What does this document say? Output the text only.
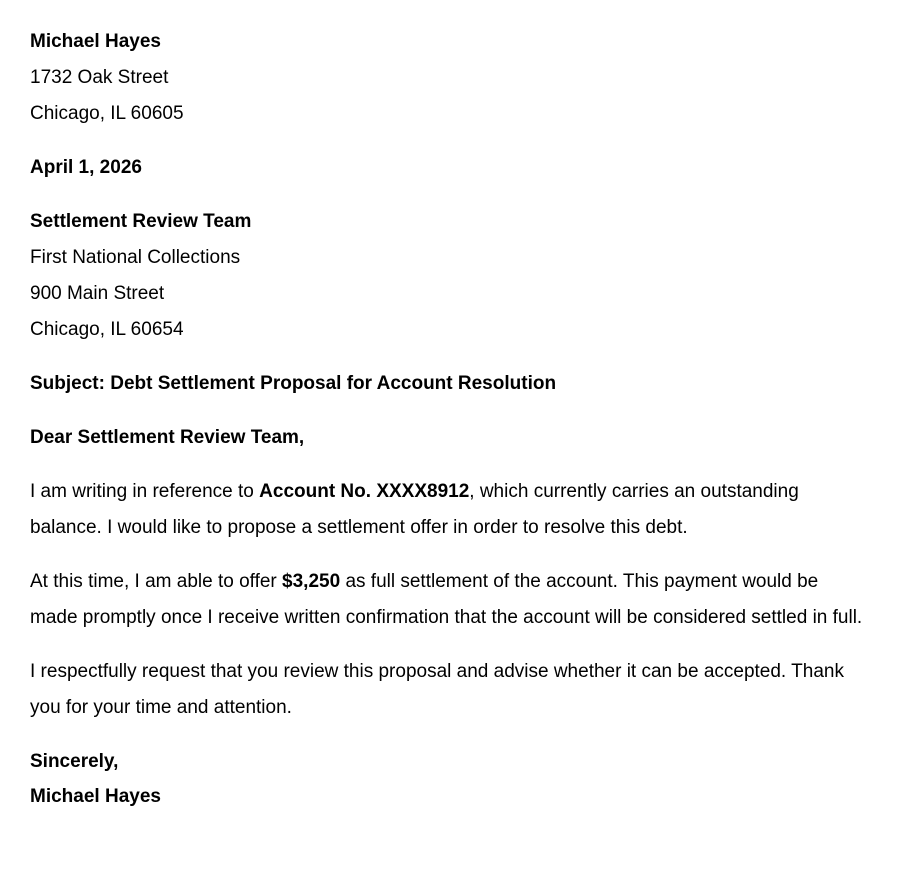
Michael Hayes
1732 Oak Street
Chicago, IL 60605
April 1, 2026
Settlement Review Team
First National Collections
900 Main Street
Chicago, IL 60654
Subject: Debt Settlement Proposal for Account Resolution
Dear Settlement Review Team,

I am writing in reference to Account No. XXXX8912, which currently carries an outstanding balance. I would like to propose a settlement offer in order to resolve this debt.

At this time, I am able to offer $3,250 as full settlement of the account. This payment would be made promptly once I receive written confirmation that the account will be considered settled in full.

I respectfully request that you review this proposal and advise whether it can be accepted. Thank you for your time and attention.

Sincerely,
Michael Hayes
